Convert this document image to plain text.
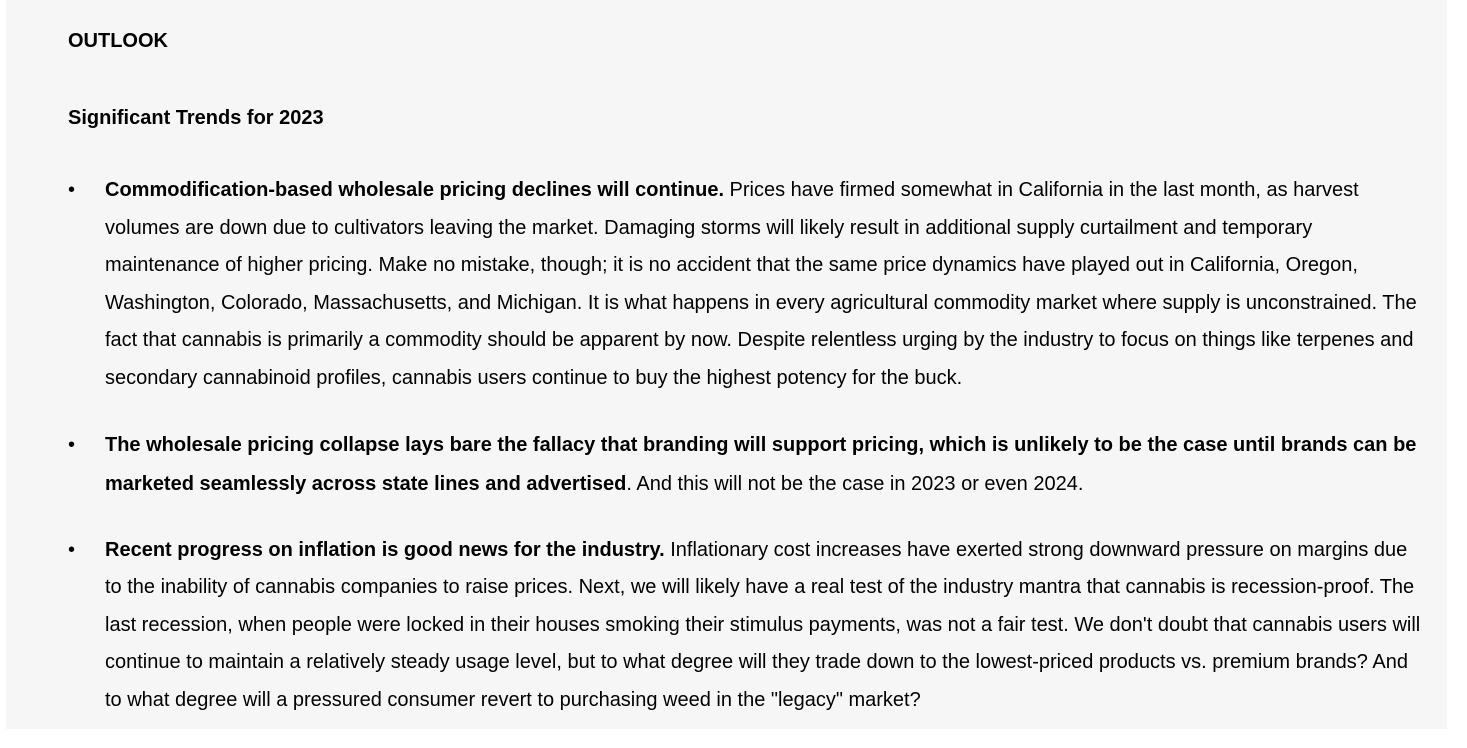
OUTLOOK
Significant Trends for 2023
• Commodification-based wholesale pricing declines will continue. Prices have firmed somewhat in California in the last month, as harvest volumes are down due to cultivators leaving the market. Damaging storms will likely result in additional supply curtailment and temporary maintenance of higher pricing. Make no mistake, though; it is no accident that the same price dynamics have played out in California, Oregon, Washington, Colorado, Massachusetts, and Michigan. It is what happens in every agricultural commodity market where supply is unconstrained. The fact that cannabis is primarily a commodity should be apparent by now. Despite relentless urging by the industry to focus on things like terpenes and secondary cannabinoid profiles, cannabis users continue to buy the highest potency for the buck.
• The wholesale pricing collapse lays bare the fallacy that branding will support pricing, which is unlikely to be the case until brands can be marketed seamlessly across state lines and advertised. And this will not be the case in 2023 or even 2024.
• Recent progress on inflation is good news for the industry. Inflationary cost increases have exerted strong downward pressure on margins due to the inability of cannabis companies to raise prices. Next, we will likely have a real test of the industry mantra that cannabis is recession-proof. The last recession, when people were locked in their houses smoking their stimulus payments, was not a fair test. We don't doubt that cannabis users will continue to maintain a relatively steady usage level, but to what degree will they trade down to the lowest-priced products vs. premium brands? And to what degree will a pressured consumer revert to purchasing weed in the "legacy" market?
